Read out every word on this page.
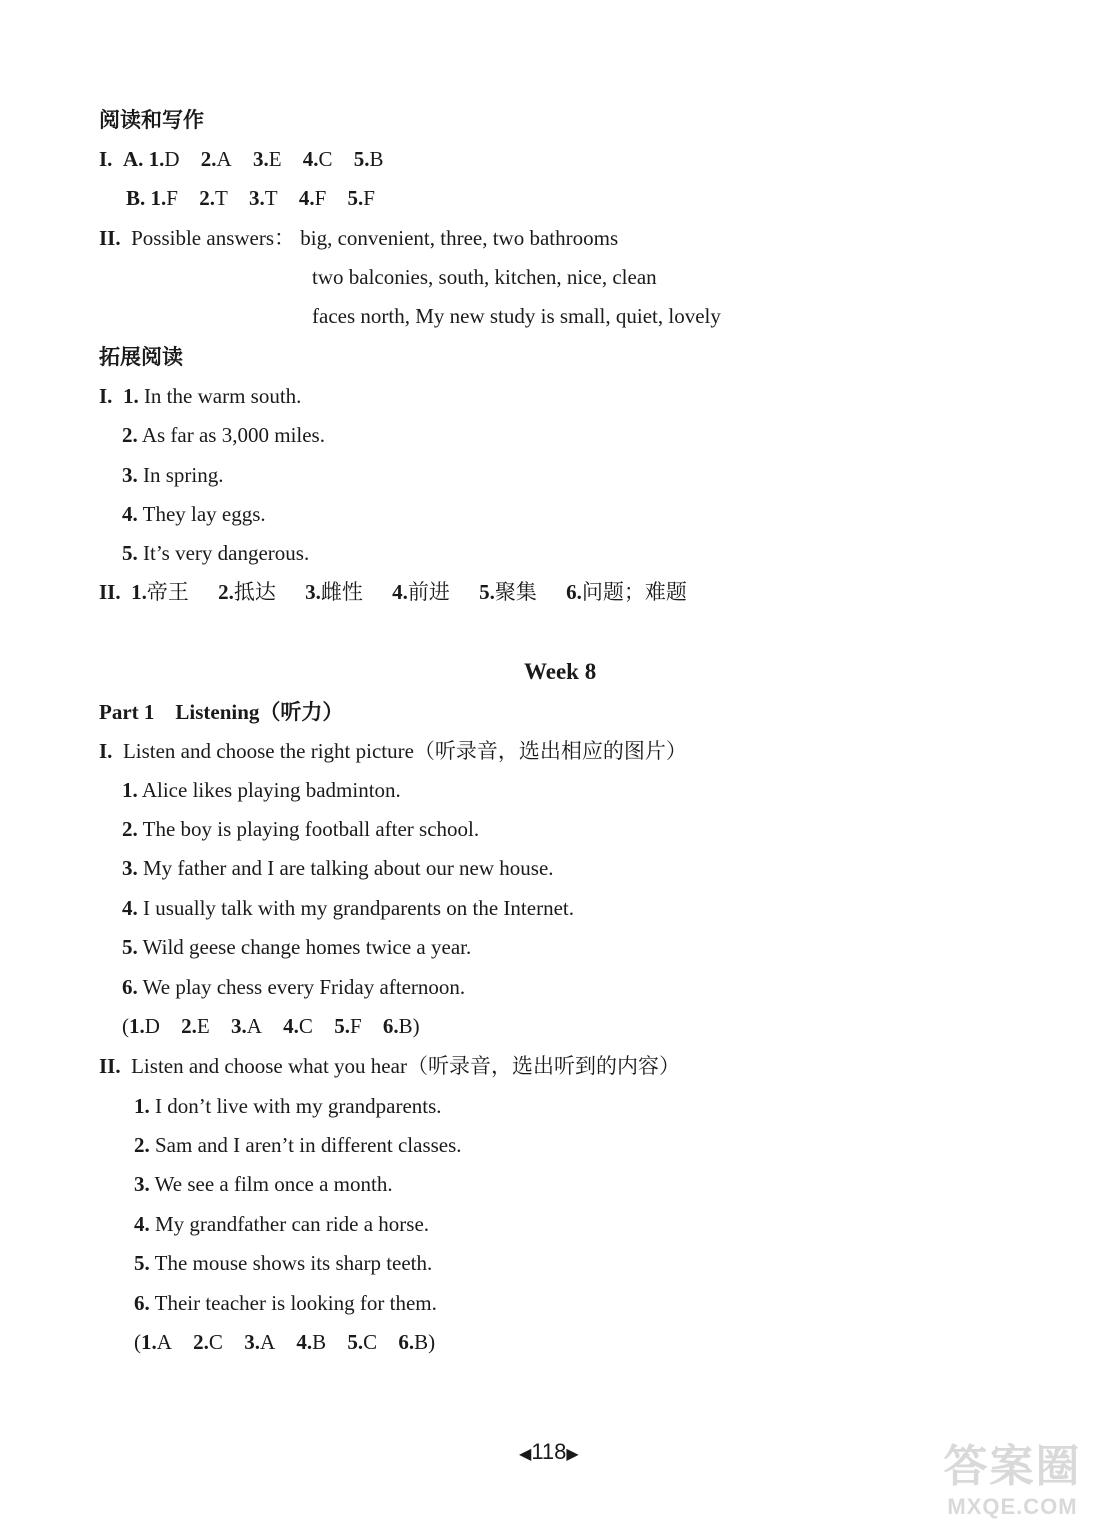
阅读和写作
I. A. 1.D 2.A 3.E 4.C 5.B
B. 1.F 2.T 3.T 4.F 5.F
II. Possible answers： big, convenient, three, two bathrooms
two balconies, south, kitchen, nice, clean
faces north, My new study is small, quiet, lovely
拓展阅读
I. 1. In the warm south.
2. As far as 3,000 miles.
3. In spring.
4. They lay eggs.
5. It’s very dangerous.
II. 1.帝王 2.抵达 3.雌性 4.前进 5.聚集 6.问题；难题
Week 8
Part 1 Listening（听力）
I. Listen and choose the right picture（听录音，选出相应的图片）
1. Alice likes playing badminton.
2. The boy is playing football after school.
3. My father and I are talking about our new house.
4. I usually talk with my grandparents on the Internet.
5. Wild geese change homes twice a year.
6. We play chess every Friday afternoon.
(1.D 2.E 3.A 4.C 5.F 6.B)
II. Listen and choose what you hear（听录音，选出听到的内容）
1. I don’t live with my grandparents.
2. Sam and I aren’t in different classes.
3. We see a film once a month.
4. My grandfather can ride a horse.
5. The mouse shows its sharp teeth.
6. Their teacher is looking for them.
(1.A 2.C 3.A 4.B 5.C 6.B)
◀118▶	答案圈
MXQE.COM
